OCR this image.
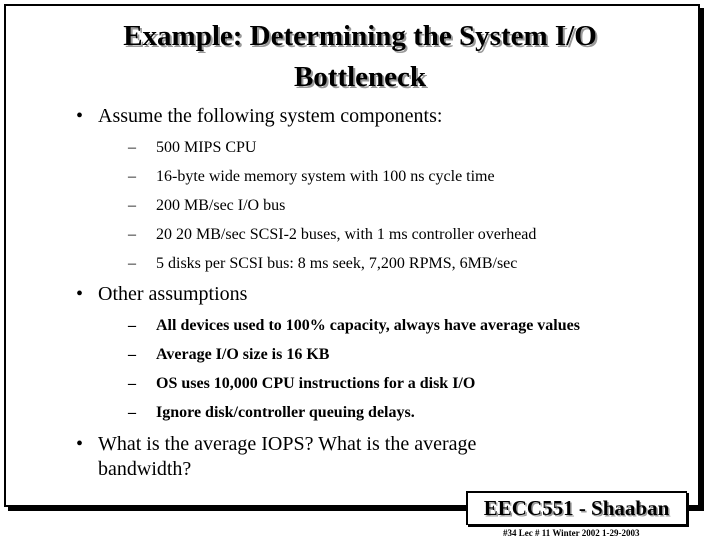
Example: Determining the System I/O
Bottleneck
• Assume the following system components:
– 500 MIPS CPU
– 16-byte wide memory system with 100 ns cycle time
– 200 MB/sec I/O bus
– 20 20 MB/sec SCSI-2 buses, with 1 ms controller overhead
– 5 disks per SCSI bus: 8 ms seek, 7,200 RPMS, 6MB/sec
• Other assumptions
– All devices used to 100% capacity, always have average values
– Average I/O size is 16 KB
– OS uses 10,000 CPU instructions for a disk I/O
– Ignore disk/controller queuing delays.
• What is the average IOPS? What is the average
bandwidth?
EECC551 - Shaaban
#34 Lec # 11 Winter 2002 1-29-2003
